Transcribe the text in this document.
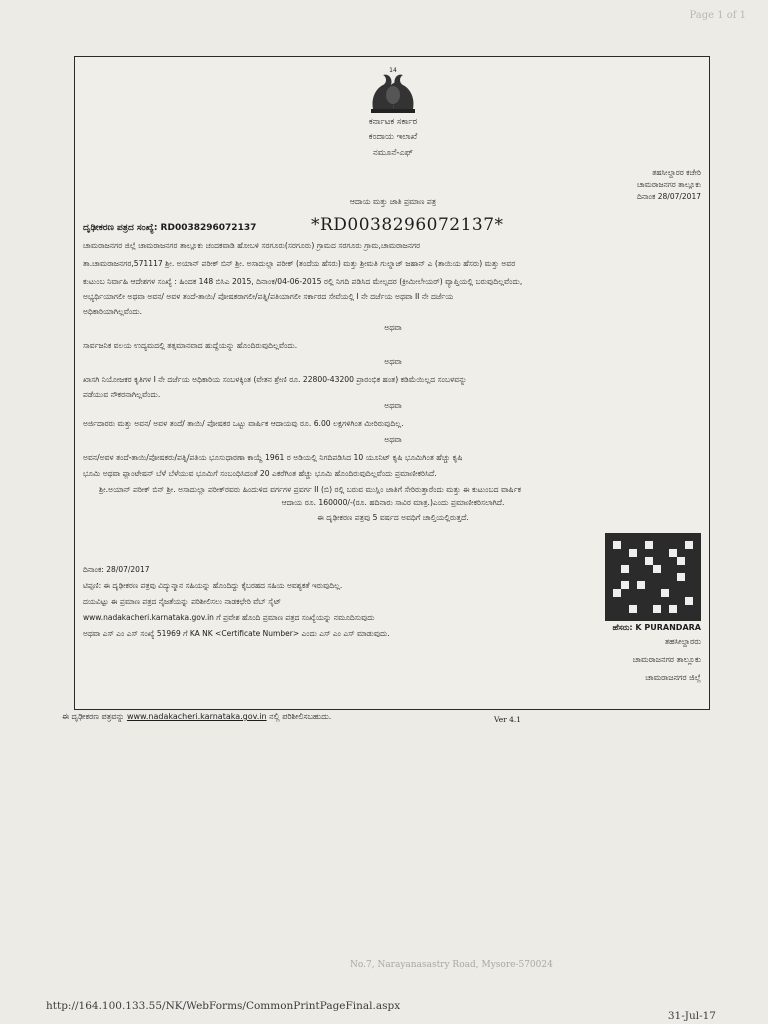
Page 1 of 1
14
ಕರ್ನಾಟಕ ಸರ್ಕಾರ
ಕಂದಾಯ ಇಲಾಖೆ
ನಮೂನೆ-ಎಫ್
ತಹಸೀಲ್ದಾರರ ಕಚೇರಿ
ಚಾಮರಾಜನಗರ ತಾಲ್ಲೂಕು
ದಿನಾಂಕ 28/07/2017
ಆದಾಯ ಮತ್ತು ಜಾತಿ ಪ್ರಮಾಣ ಪತ್ರ
ದೃಢೀಕರಣ ಪತ್ರದ ಸಂಖ್ಯೆ: RD0038296072137	*RD0038296072137*
ಚಾಮರಾಜನಗರ ಜಿಲ್ಲೆ ಚಾಮರಾಜನಗರ ತಾಲ್ಲೂಕು ಚಂದಕವಾಡಿ ಹೋಬಳಿ ಸರಗೂರು(ಸರಗೂರು) ಗ್ರಾಮದ ಸರಗೂರು ಗ್ರಾಮ,ಚಾಮರಾಜನಗರ
ತಾ.ಚಾಮರಾಜನಗರ,571117 ಶ್ರೀ. ಅಯಾನ್ ಪರೀಕ್ ಬಿನ್ ಶ್ರೀ. ಅಸಾದುಲ್ಲಾ ಪರೀಕ್ (ತಂದೆಯ ಹೆಸರು) ಮತ್ತು ಶ್ರೀಮತಿ ಗುಲ್ನಾಜ್ ಜಹಾನ್ ಎ (ತಾಯಿಯ ಹೆಸರು) ಮತ್ತು ಅವರ
ಕುಟುಂಬ ನಿರ್ವಾಹಿ ಆದೇಶಗಳ ಸಂಖ್ಯೆ : ಹಿಂದಕ 148 ಬಿಸಿಎ 2015, ದಿನಾಂಕ/04-06-2015 ರಲ್ಲಿ ನಿಗದಿ ಪಡಿಸಿದ ಮೇಲ್ಪದರ (ಕ್ರೀಮೀಲೇಯರ್) ವ್ಯಾಪ್ತಿಯಲ್ಲಿ ಬರುವುದಿಲ್ಲವೆಂದು,
ಅಭ್ಯರ್ಥಿಯಾಗಲೀ ಅಥವಾ ಅವನ/ ಅವಳ ತಂದೆ-ತಾಯಿ/ ಪೋಷಕರಾಗಲೀ/ಪತ್ನಿ/ಪತಿಯಾಗಲೀ ಸರ್ಕಾರದ ಸೇವೆಯಲ್ಲಿ I ನೇ ದರ್ಜೆಯ ಅಥವಾ II ನೇ ದರ್ಜೆಯ
ಅಧಿಕಾರಿಯಾಗಿಲ್ಲವೆಂದು.
ಅಥವಾ
ಸಾರ್ವಜನಿಕ ವಲಯ ಉದ್ಯಮದಲ್ಲಿ ತತ್ಸಮಾನವಾದ ಹುದ್ದೆಯನ್ನು ಹೊಂದಿರುವುದಿಲ್ಲವೆಂದು.
ಅಥವಾ
ಖಾಸಗಿ ನಿಯೋಜಕರ ಕೃತಿಗಳ I ನೇ ದರ್ಜೆಯ ಅಧಿಕಾರಿಯ ಸಂಬಳಕ್ಕಿಂತ (ವೇತನ ಶ್ರೇಣಿ ರೂ. 22800-43200 ಪ್ರಾರಂಭಿಕ ಹಂತ) ಕಡಿಮೆಯಿಲ್ಲದ ಸಂಬಳವನ್ನು
ಪಡೆಯುವ ನೌಕರನಾಗಿಲ್ಲವೆಂದು.
ಅಥವಾ
ಅರ್ಜಿದಾರರು ಮತ್ತು ಅವನ/ ಅವಳ ತಂದೆ/ ತಾಯಿ/ ಪೋಷಕರ ಒಟ್ಟು ವಾರ್ಷಿಕ ಆದಾಯವು ರೂ. 6.00 ಲಕ್ಷಗಳಿಗಿಂತ ಮೀರಿರುವುದಿಲ್ಲ.
ಅಥವಾ
ಅವನ/ಅವಳ ತಂದೆ-ತಾಯಿ/ಪೋಷಕರು/ಪತ್ನಿ/ಪತಿಯ ಭೂಸುಧಾರಣಾ ಕಾಯ್ದೆ 1961 ರ ಅಡಿಯಲ್ಲಿ ನಿಗದಿಪಡಿಸಿದ 10 ಯೂನಿಟ್ ಕೃಷಿ ಭೂಮಿಗಿಂತ ಹೆಚ್ಚು ಕೃಷಿ
ಭೂಮಿ ಅಥವಾ ಪ್ಲಾಂಟೇಷನ್ ಬೆಳೆ ಬೆಳೆಯುವ ಭೂಮಿಗೆ ಸಂಬಂಧಿಸಿದಂತೆ 20 ಎಕರೆಗಿಂತ ಹೆಚ್ಚು ಭೂಮಿ ಹೊಂದಿರುವುದಿಲ್ಲವೆಂದು ಪ್ರಮಾಣೀಕರಿಸಿದೆ.
ಶ್ರೀ.ಅಯಾನ್ ಪರೀಕ್ ಬಿನ್ ಶ್ರೀ. ಅಸಾದುಲ್ಲಾ ಪರೀಕ್‌ರವರು ಹಿಂದುಳಿದ ವರ್ಗಗಳ ಪ್ರವರ್ಗ II (ಬಿ) ರಲ್ಲಿ ಬರುವ ಮುಸ್ಲಿಂ ಜಾತಿಗೆ ಸೇರಿರುತ್ತಾರೆಂದು ಮತ್ತು ಈ ಕುಟುಂಬದ ವಾರ್ಷಿಕ
ಆದಾಯ ರೂ. 160000/-(ರೂ. ಹದಿನಾರು ಸಾವಿರ ಮಾತ್ರ.)ಎಂದು ಪ್ರಮಾಣೀಕರಿಸಲಾಗಿದೆ.
ಈ ದೃಢೀಕರಣ ಪತ್ರವು 5 ವರ್ಷದ ಅವಧಿಗೆ ಚಾಲ್ತಿಯಲ್ಲಿರುತ್ತದೆ.
ದಿನಾಂಕ: 28/07/2017
ಟಿಪ್ಪಣಿ: ಈ ದೃಢೀಕರಣ ಪತ್ರವು ವಿದ್ಯುನ್ಮಾನ ಸಹಿಯನ್ನು ಹೊಂದಿದ್ದು ಕೈಬರಹದ ಸಹಿಯ ಅವಶ್ಯಕತೆ ಇರುವುದಿಲ್ಲ.
ದಯವಿಟ್ಟು ಈ ಪ್ರಮಾಣ ಪತ್ರದ ನೈಜತೆಯನ್ನು ಪರಿಶೀಲಿಸಲು ನಾಡಕಛೇರಿ ವೆಬ್ ಸೈಟ್
www.nadakacheri.karnataka.gov.in ಗೆ ಪ್ರವೇಶ ಹೊಂದಿ ಪ್ರಮಾಣ ಪತ್ರದ ಸಂಖ್ಯೆಯನ್ನು ನಮೂದಿಸುವುದು
ಅಥವಾ ಎಸ್ ಎಂ ಎಸ್ ಸಂಖ್ಯೆ 51969 ಗೆ KA NK <Certificate Number> ಎಂದು ಎಸ್ ಎಂ ಎಸ್ ಮಾಡುವುದು.
ಹೆಸರು: K PURANDARA
ತಹಸೀಲ್ದಾರರು
ಚಾಮರಾಜನಗರ ತಾಲ್ಲೂಕು
ಚಾಮರಾಜನಗರ ಜಿಲ್ಲೆ
ಈ ದೃಢೀಕರಣ ಪತ್ರವನ್ನು www.nadakacheri.karnataka.gov.in ನಲ್ಲಿ ಪರಿಶೀಲಿಸಬಹುದು.	Ver 4.1
No.7, Narayanasastry Road, Mysore-570024
http://164.100.133.55/NK/WebForms/CommonPrintPageFinal.aspx
31-Jul-17
